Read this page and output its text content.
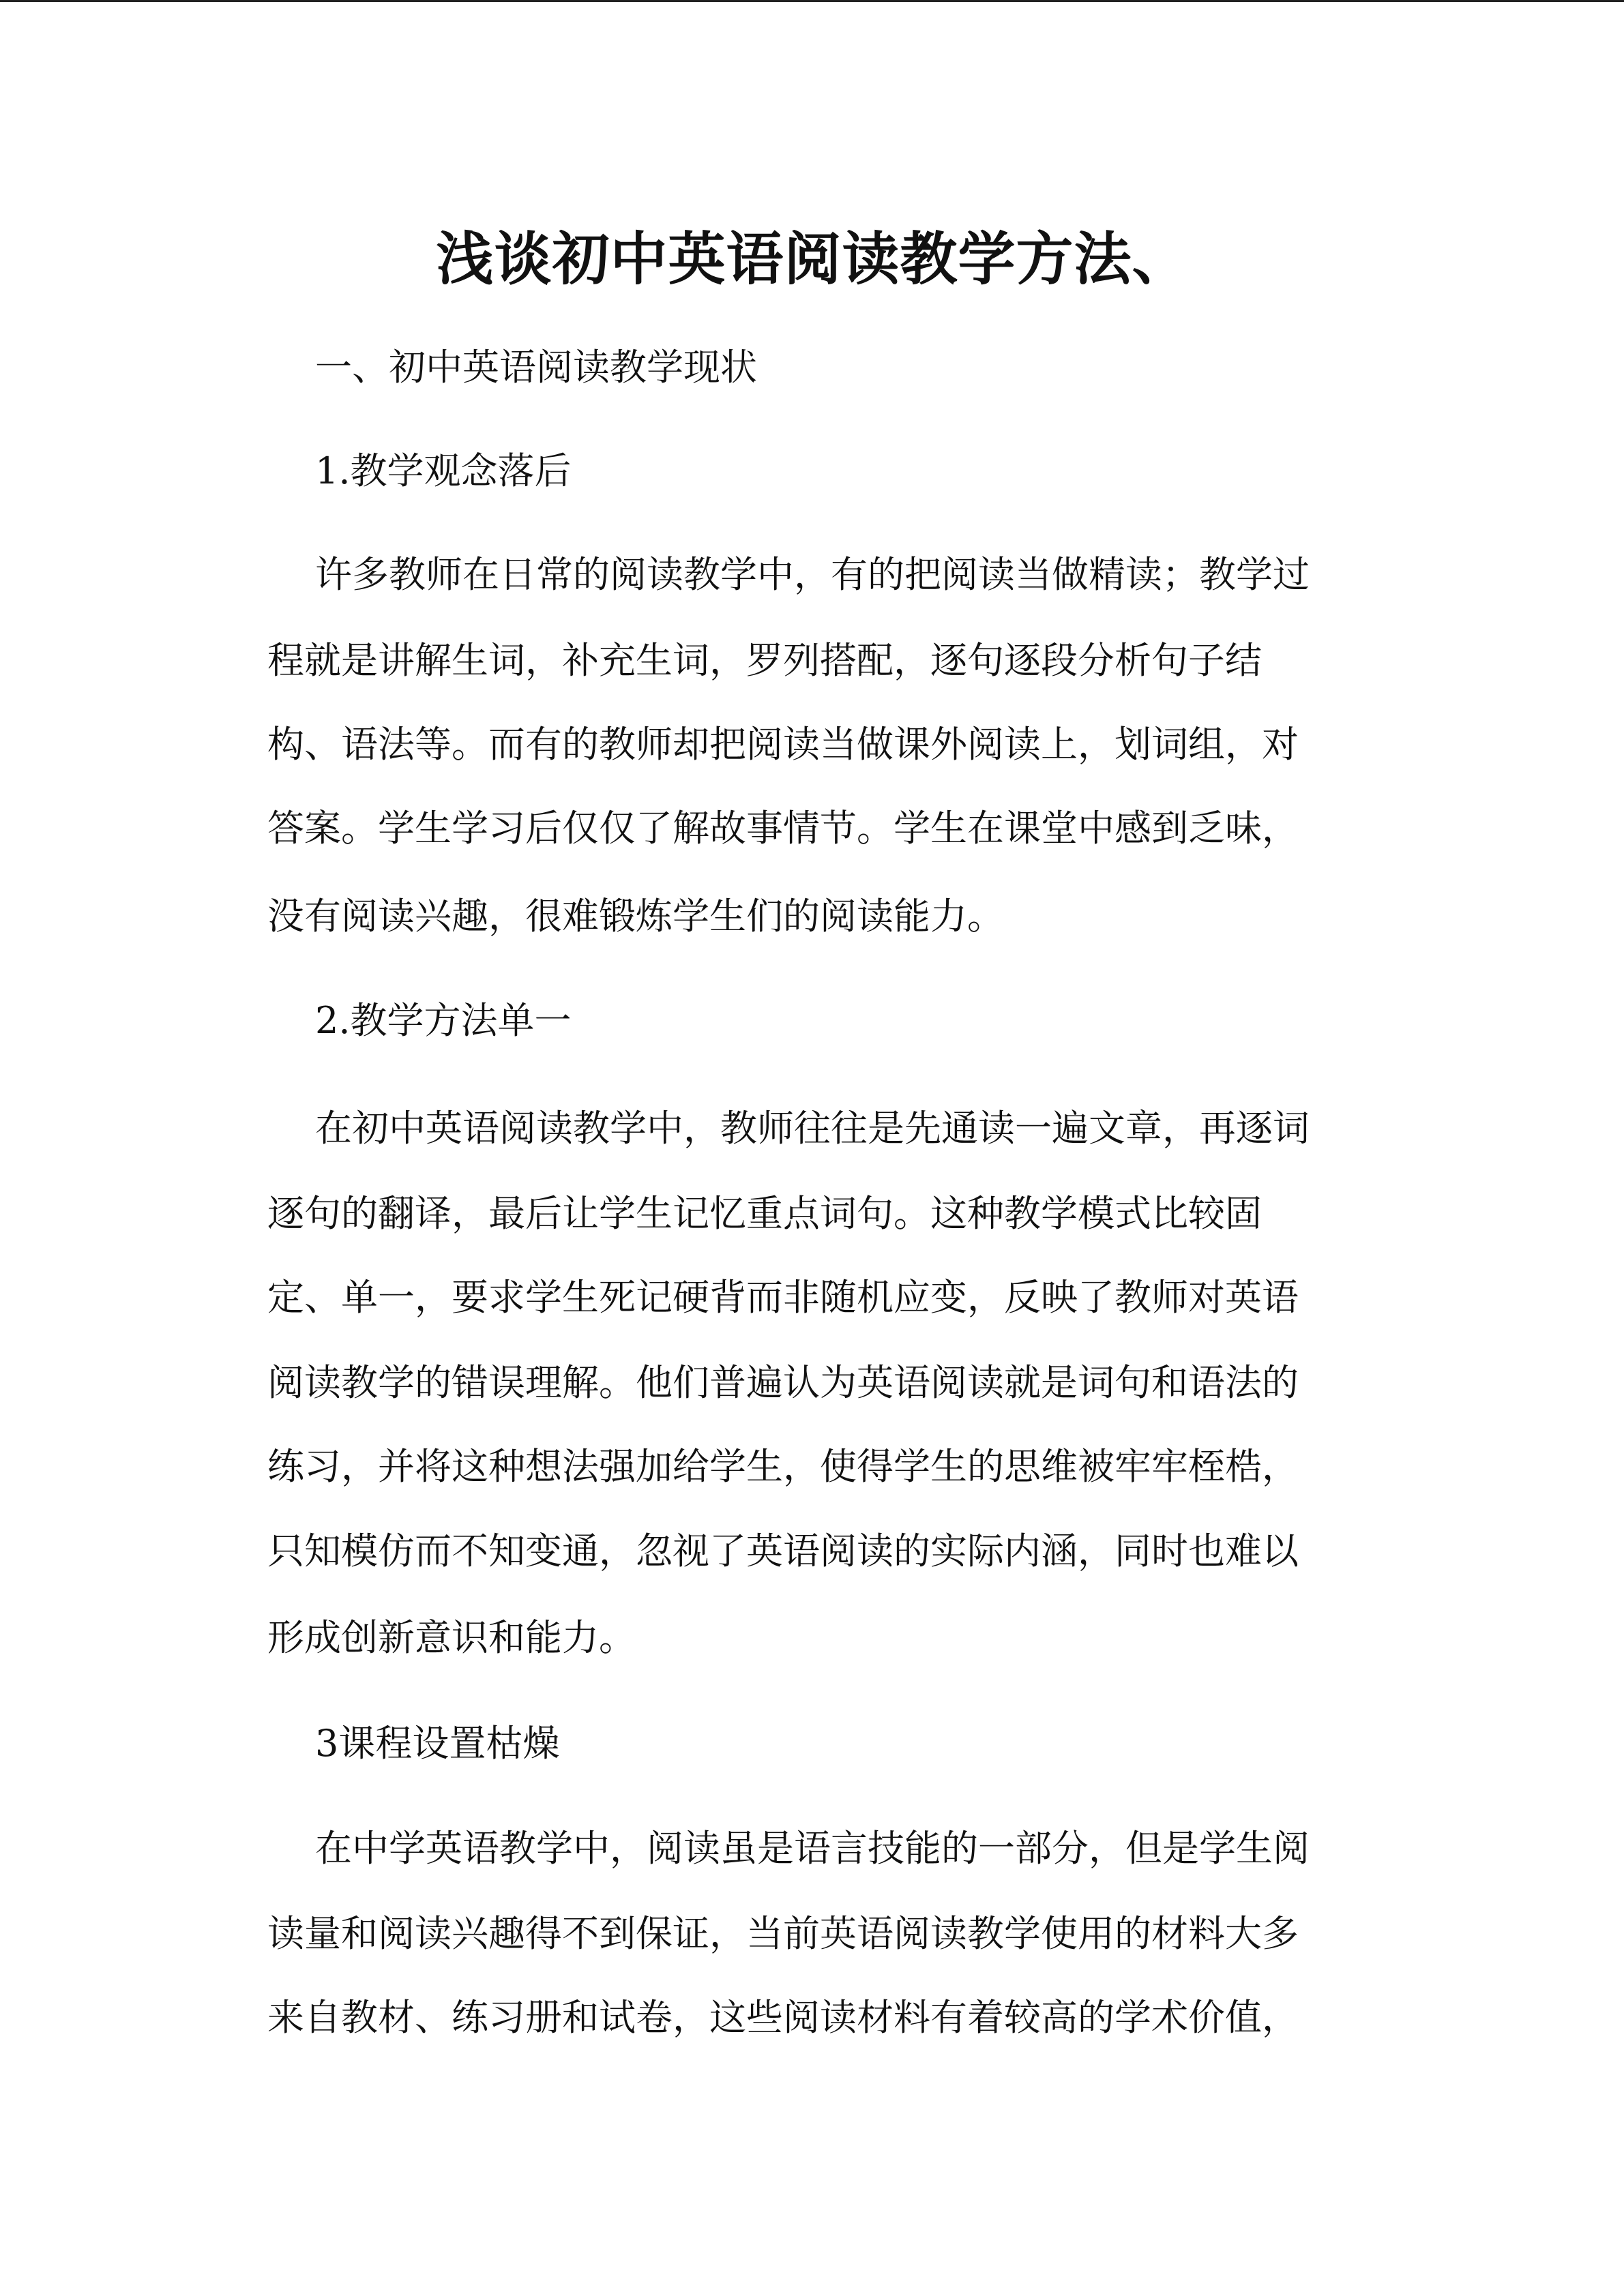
浅谈初中英语阅读教学方法、

一、初中英语阅读教学现状

1.教学观念落后

许多教师在日常的阅读教学中，有的把阅读当做精读；教学过

程就是讲解生词，补充生词，罗列搭配，逐句逐段分析句子结

构、语法等。而有的教师却把阅读当做课外阅读上，划词组，对

答案。学生学习后仅仅了解故事情节。学生在课堂中感到乏味，

没有阅读兴趣，很难锻炼学生们的阅读能力。

2.教学方法单一

在初中英语阅读教学中，教师往往是先通读一遍文章，再逐词

逐句的翻译，最后让学生记忆重点词句。这种教学模式比较固

定、单一，要求学生死记硬背而非随机应变，反映了教师对英语

阅读教学的错误理解。他们普遍认为英语阅读就是词句和语法的

练习，并将这种想法强加给学生，使得学生的思维被牢牢桎梏，

只知模仿而不知变通，忽视了英语阅读的实际内涵，同时也难以

形成创新意识和能力。

3课程设置枯燥

在中学英语教学中，阅读虽是语言技能的一部分，但是学生阅

读量和阅读兴趣得不到保证，当前英语阅读教学使用的材料大多

来自教材、练习册和试卷，这些阅读材料有着较高的学术价值，
